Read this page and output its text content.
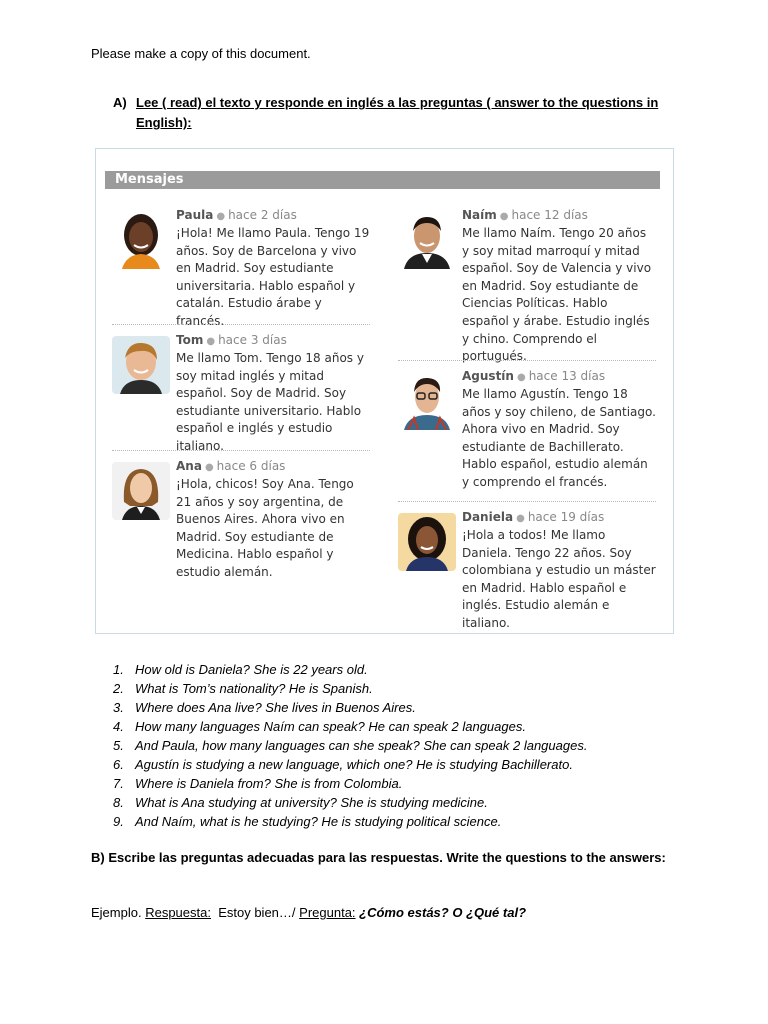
Please make a copy of this document.
A) Lee ( read) el texto y responde en inglés a las preguntas ( answer to the questions in English):
Mensajes
Paula ● hace 2 días
¡Hola! Me llamo Paula. Tengo 19 años. Soy de Barcelona y vivo en Madrid. Soy estudiante universitaria. Hablo español y catalán. Estudio árabe y francés.
Tom ● hace 3 días
Me llamo Tom. Tengo 18 años y soy mitad inglés y mitad español. Soy de Madrid. Soy estudiante universitario. Hablo español e inglés y estudio italiano.
Ana ● hace 6 días
¡Hola, chicos! Soy Ana. Tengo 21 años y soy argentina, de Buenos Aires. Ahora vivo en Madrid. Soy estudiante de Medicina. Hablo español y estudio alemán.
Naím ● hace 12 días
Me llamo Naím. Tengo 20 años y soy mitad marroquí y mitad español. Soy de Valencia y vivo en Madrid. Soy estudiante de Ciencias Políticas. Hablo español y árabe. Estudio inglés y chino. Comprendo el portugués.
Agustín ● hace 13 días
Me llamo Agustín. Tengo 18 años y soy chileno, de Santiago. Ahora vivo en Madrid. Soy estudiante de Bachillerato. Hablo español, estudio alemán y comprendo el francés.
Daniela ● hace 19 días
¡Hola a todos! Me llamo Daniela. Tengo 22 años. Soy colombiana y estudio un máster en Madrid. Hablo español e inglés. Estudio alemán e italiano.
1. How old is Daniela? She is 22 years old.
2. What is Tom’s nationality? He is Spanish.
3. Where does Ana live? She lives in Buenos Aires.
4. How many languages Naím can speak? He can speak 2 languages.
5. And Paula, how many languages can she speak? She can speak 2 languages.
6. Agustín is studying a new language, which one? He is studying Bachillerato.
7. Where is Daniela from? She is from Colombia.
8. What is Ana studying at university? She is studying medicine.
9. And Naím, what is he studying? He is studying political science.
B) Escribe las preguntas adecuadas para las respuestas. Write the questions to the answers:
Ejemplo. Respuesta: Estoy bien…/ Pregunta: ¿Cómo estás? O ¿Qué tal?
